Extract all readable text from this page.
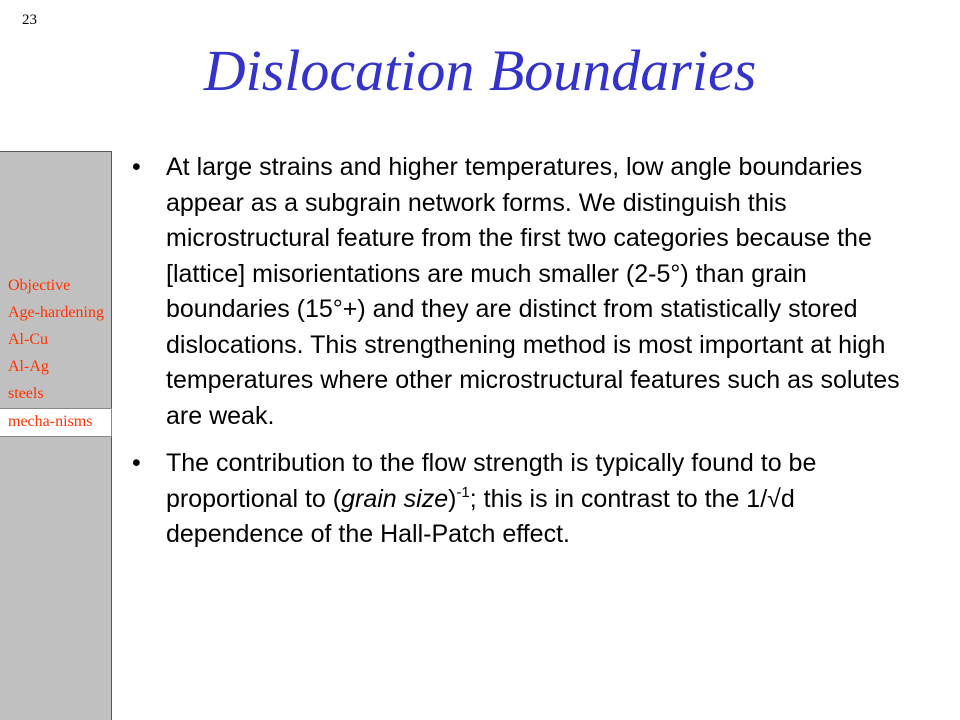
23
Dislocation Boundaries
Objective
Age-hardening
Al-Cu
Al-Ag
steels
mecha-nisms
• At large strains and higher temperatures, low angle boundaries appear as a subgrain network forms. We distinguish this microstructural feature from the first two categories because the [lattice] misorientations are much smaller (2-5°) than grain boundaries (15°+) and they are distinct from statistically stored dislocations. This strengthening method is most important at high temperatures where other microstructural features such as solutes are weak.
• The contribution to the flow strength is typically found to be proportional to (grain size)$^{-1}$; this is in contrast to the 1/√d dependence of the Hall-Patch effect.
